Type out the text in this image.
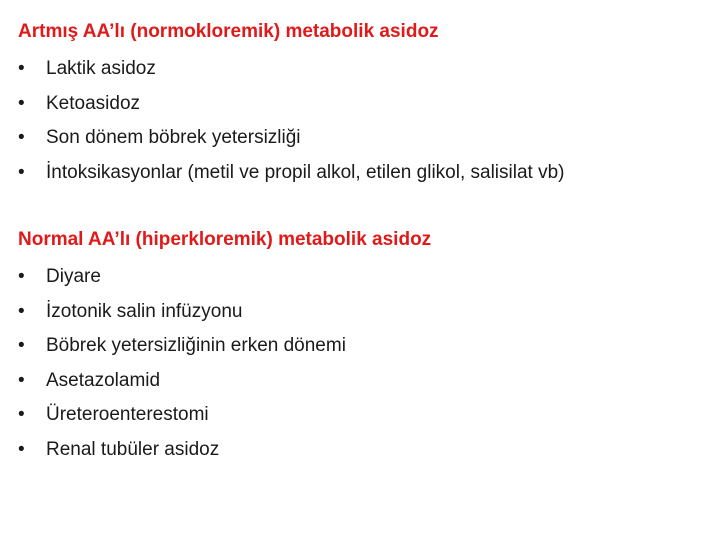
Artmış AA’lı (normokloremik) metabolik asidoz
• Laktik asidoz
• Ketoasidoz
• Son dönem böbrek yetersizliği
• İntoksikasyonlar (metil ve propil alkol, etilen glikol, salisilat vb)
Normal AA’lı (hiperkloremik) metabolik asidoz
• Diyare
• İzotonik salin infüzyonu
• Böbrek yetersizliğinin erken dönemi
• Asetazolamid
• Üreteroenterestomi
• Renal tubüler asidoz
